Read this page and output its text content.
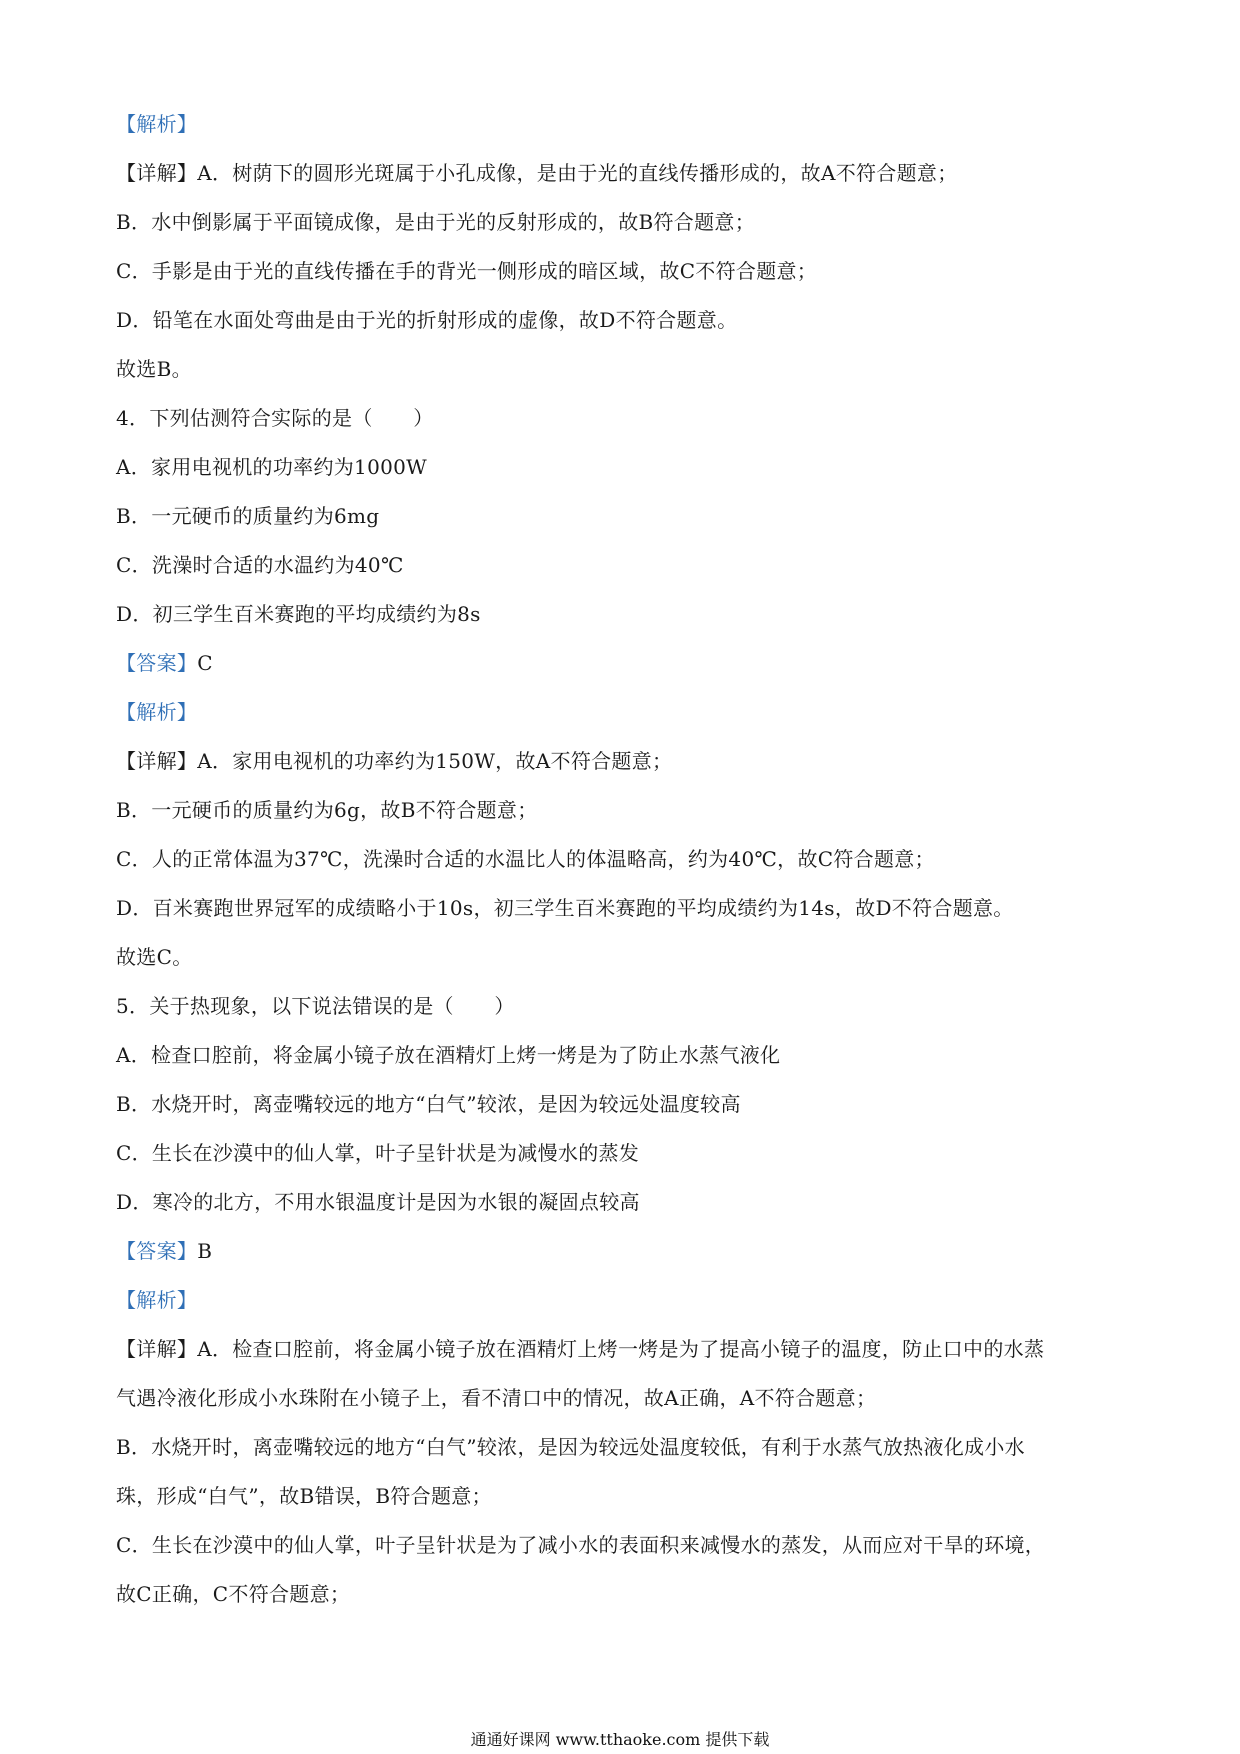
【解析】
【详解】A．树荫下的圆形光斑属于小孔成像，是由于光的直线传播形成的，故A不符合题意；
B．水中倒影属于平面镜成像，是由于光的反射形成的，故B符合题意；
C．手影是由于光的直线传播在手的背光一侧形成的暗区域，故C不符合题意；
D．铅笔在水面处弯曲是由于光的折射形成的虚像，故D不符合题意。
故选B。
4．下列估测符合实际的是（　　）
A．家用电视机的功率约为1000W
B．一元硬币的质量约为6mg
C．洗澡时合适的水温约为40℃
D．初三学生百米赛跑的平均成绩约为8s
【答案】C
【解析】
【详解】A．家用电视机的功率约为150W，故A不符合题意；
B．一元硬币的质量约为6g，故B不符合题意；
C．人的正常体温为37℃，洗澡时合适的水温比人的体温略高，约为40℃，故C符合题意；
D．百米赛跑世界冠军的成绩略小于10s，初三学生百米赛跑的平均成绩约为14s，故D不符合题意。
故选C。
5．关于热现象，以下说法错误的是（　　）
A．检查口腔前，将金属小镜子放在酒精灯上烤一烤是为了防止水蒸气液化
B．水烧开时，离壶嘴较远的地方“白气”较浓，是因为较远处温度较高
C．生长在沙漠中的仙人掌，叶子呈针状是为减慢水的蒸发
D．寒冷的北方，不用水银温度计是因为水银的凝固点较高
【答案】B
【解析】
【详解】A．检查口腔前，将金属小镜子放在酒精灯上烤一烤是为了提高小镜子的温度，防止口中的水蒸
气遇冷液化形成小水珠附在小镜子上，看不清口中的情况，故A正确，A不符合题意；
B．水烧开时，离壶嘴较远的地方“白气”较浓，是因为较远处温度较低，有利于水蒸气放热液化成小水
珠，形成“白气”，故B错误，B符合题意；
C．生长在沙漠中的仙人掌，叶子呈针状是为了减小水的表面积来减慢水的蒸发，从而应对干旱的环境，
故C正确，C不符合题意；
通通好课网 www.tthaoke.com 提供下载
